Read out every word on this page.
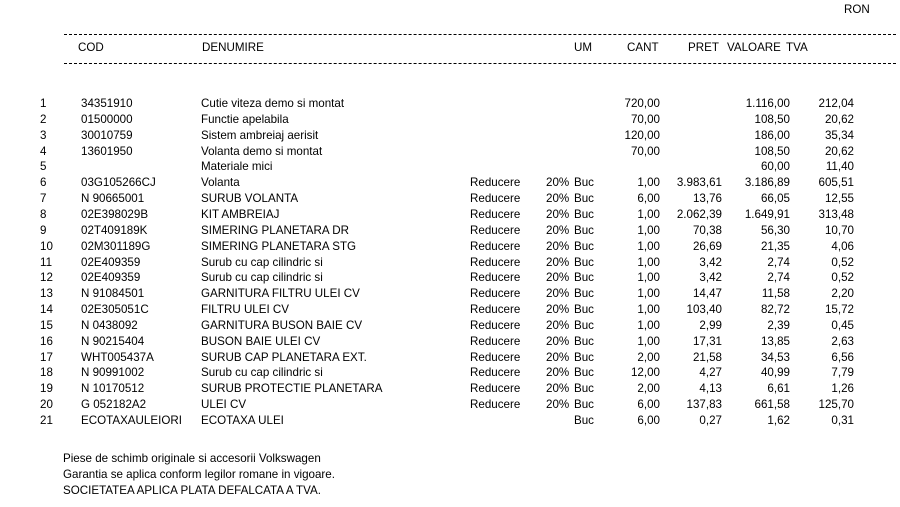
RON
COD	DENUMIRE	UM	CANT	PRET VALOARE TVA
1	34351910	Cutie viteza demo si montat	720,00	1.116,00 212,04
2	01500000	Functie apelabila	70,00	108,50	20,62
3	30010759	Sistem ambreiaj aerisit	120,00	186,00	35,34
4	13601950	Volanta demo si montat	70,00	108,50	20,62
5	Materiale mici	60,00	11,40
6	03G105266CJ	Volanta	Reducere 20% Buc	1,00 3.983,61 3.186,89 605,51
7	N 90665001	SURUB VOLANTA	Reducere 20% Buc	6,00	13,76	66,05	12,55
8	02E398029B	KIT AMBREIAJ	Reducere 20% Buc	1,00 2.062,39 1.649,91 313,48
9	02T409189K	SIMERING PLANETARA DR	Reducere 20% Buc	1,00	70,38	56,30	10,70
10 02M301189G	SIMERING PLANETARA STG	Reducere 20% Buc	1,00	26,69	21,35	4,06
11 02E409359	Surub cu cap cilindric si	Reducere 20% Buc	1,00	3,42	2,74	0,52
12 02E409359	Surub cu cap cilindric si	Reducere 20% Buc	1,00	3,42	2,74	0,52
13 N 91084501	GARNITURA FILTRU ULEI CV	Reducere 20% Buc	1,00	14,47	11,58	2,20
14 02E305051C	FILTRU ULEI CV	Reducere 20% Buc	1,00 103,40	82,72	15,72
15 N 0438092	GARNITURA BUSON BAIE CV	Reducere 20% Buc	1,00	2,99	2,39	0,45
16 N 90215404	BUSON BAIE ULEI CV	Reducere 20% Buc	1,00	17,31	13,85	2,63
17 WHT005437A	SURUB CAP PLANETARA EXT.	Reducere 20% Buc	2,00	21,58	34,53	6,56
18 N 90991002	Surub cu cap cilindric si	Reducere 20% Buc	12,00	4,27	40,99	7,79
19 N 10170512	SURUB PROTECTIE PLANETARA	Reducere 20% Buc	2,00	4,13	6,61	1,26
20 G 052182A2	ULEI CV	Reducere 20% Buc	6,00 137,83	661,58 125,70
21 ECOTAXAULEIORI ECOTAXA ULEI	Buc	6,00	0,27	1,62	0,31
Piese de schimb originale si accesorii Volkswagen
Garantia se aplica conform legilor romane in vigoare.
SOCIETATEA APLICA PLATA DEFALCATA A TVA.
